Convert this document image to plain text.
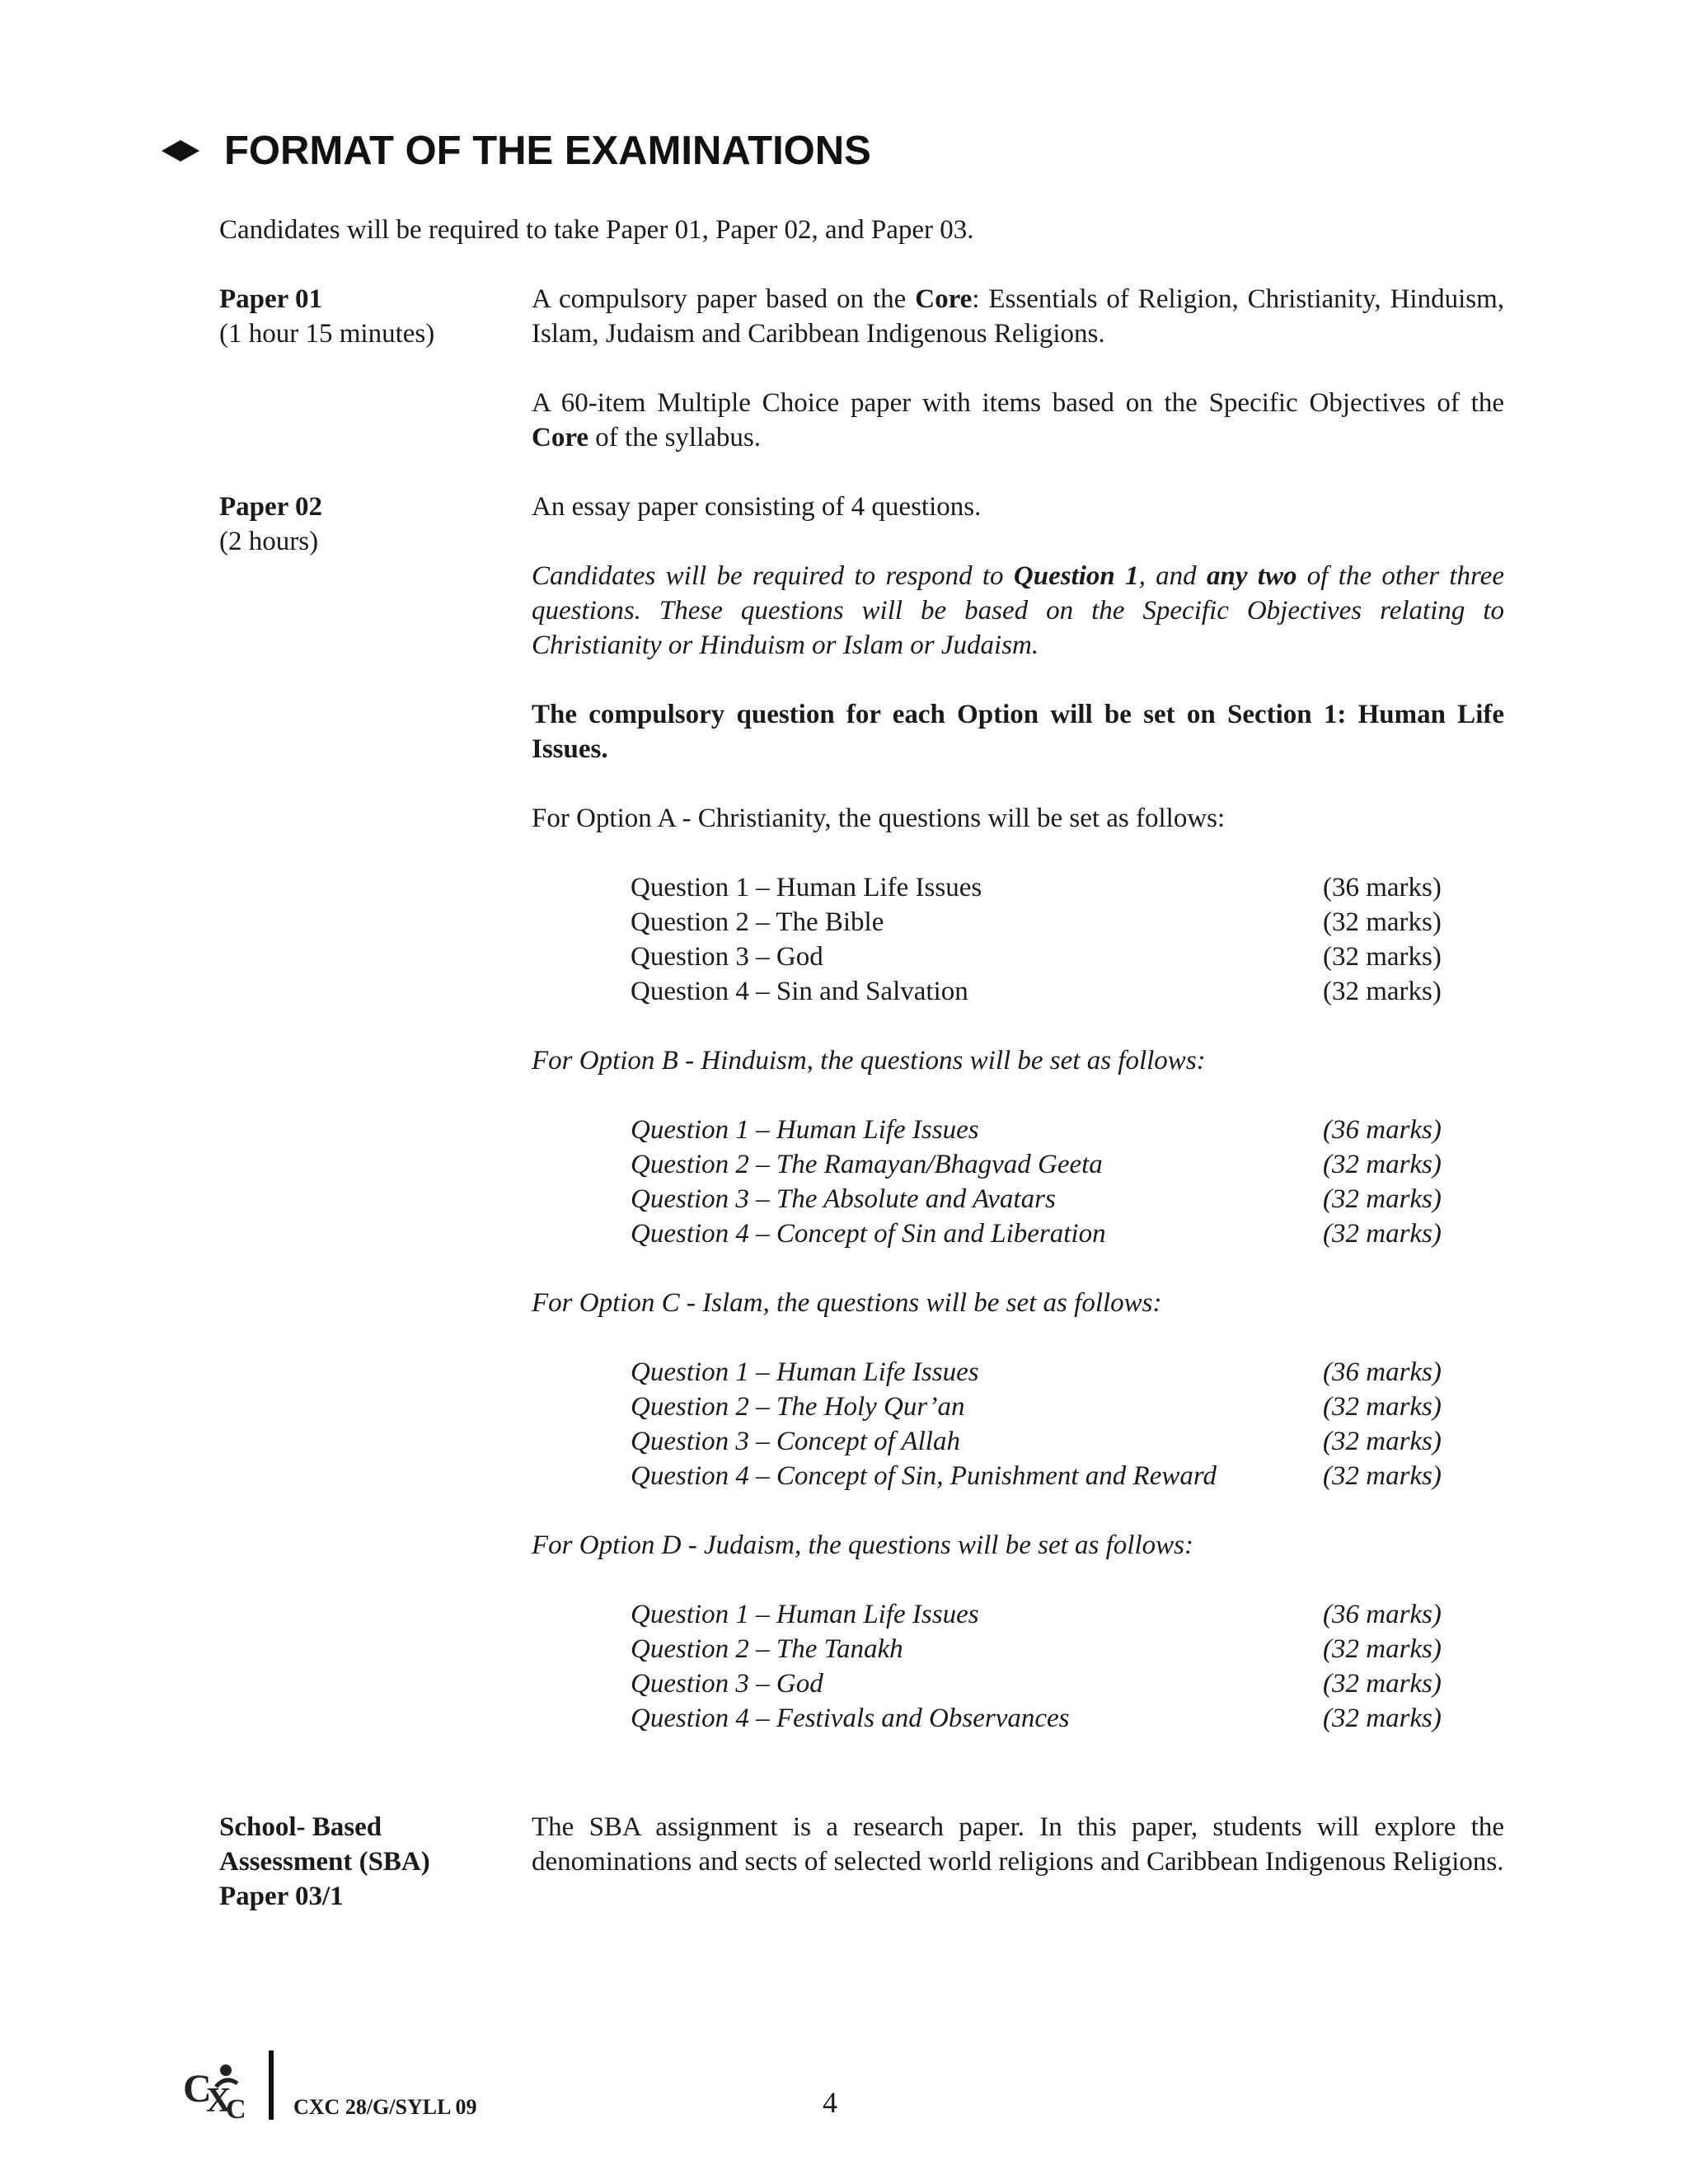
FORMAT OF THE EXAMINATIONS
Candidates will be required to take Paper 01, Paper 02, and Paper 03.
Paper 01
(1 hour 15 minutes)

A compulsory paper based on the Core: Essentials of Religion, Christianity, Hinduism, Islam, Judaism and Caribbean Indigenous Religions.

A 60-item Multiple Choice paper with items based on the Specific Objectives of the Core of the syllabus.

Paper 02
(2 hours)
An essay paper consisting of 4 questions.

Candidates will be required to respond to Question 1, and any two of the other three questions. These questions will be based on the Specific Objectives relating to Christianity or Hinduism or Islam or Judaism.

The compulsory question for each Option will be set on Section 1: Human Life Issues.
For Option A - Christianity, the questions will be set as follows:
Question 1 – Human Life Issues	(36 marks)
Question 2 – The Bible	(32 marks)
Question 3 – God	(32 marks)
Question 4 – Sin and Salvation	(32 marks)
For Option B - Hinduism, the questions will be set as follows:
Question 1 – Human Life Issues	(36 marks)
Question 2 – The Ramayan/Bhagvad Geeta	(32 marks)
Question 3 – The Absolute and Avatars	(32 marks)
Question 4 – Concept of Sin and Liberation	(32 marks)
For Option C - Islam, the questions will be set as follows:
Question 1 – Human Life Issues	(36 marks)
Question 2 – The Holy Qur’an	(32 marks)
Question 3 – Concept of Allah	(32 marks)
Question 4 – Concept of Sin, Punishment and Reward	(32 marks)
For Option D - Judaism, the questions will be set as follows:
Question 1 – Human Life Issues	(36 marks)
Question 2 – The Tanakh	(32 marks)
Question 3 – God	(32 marks)
Question 4 – Festivals and Observances	(32 marks)
School- Based
Assessment (SBA)
Paper 03/1
The SBA assignment is a research paper. In this paper, students will explore the denominations and sects of selected world religions and Caribbean Indigenous Religions.
C
X
C CXC 28/G/SYLL 09	4
